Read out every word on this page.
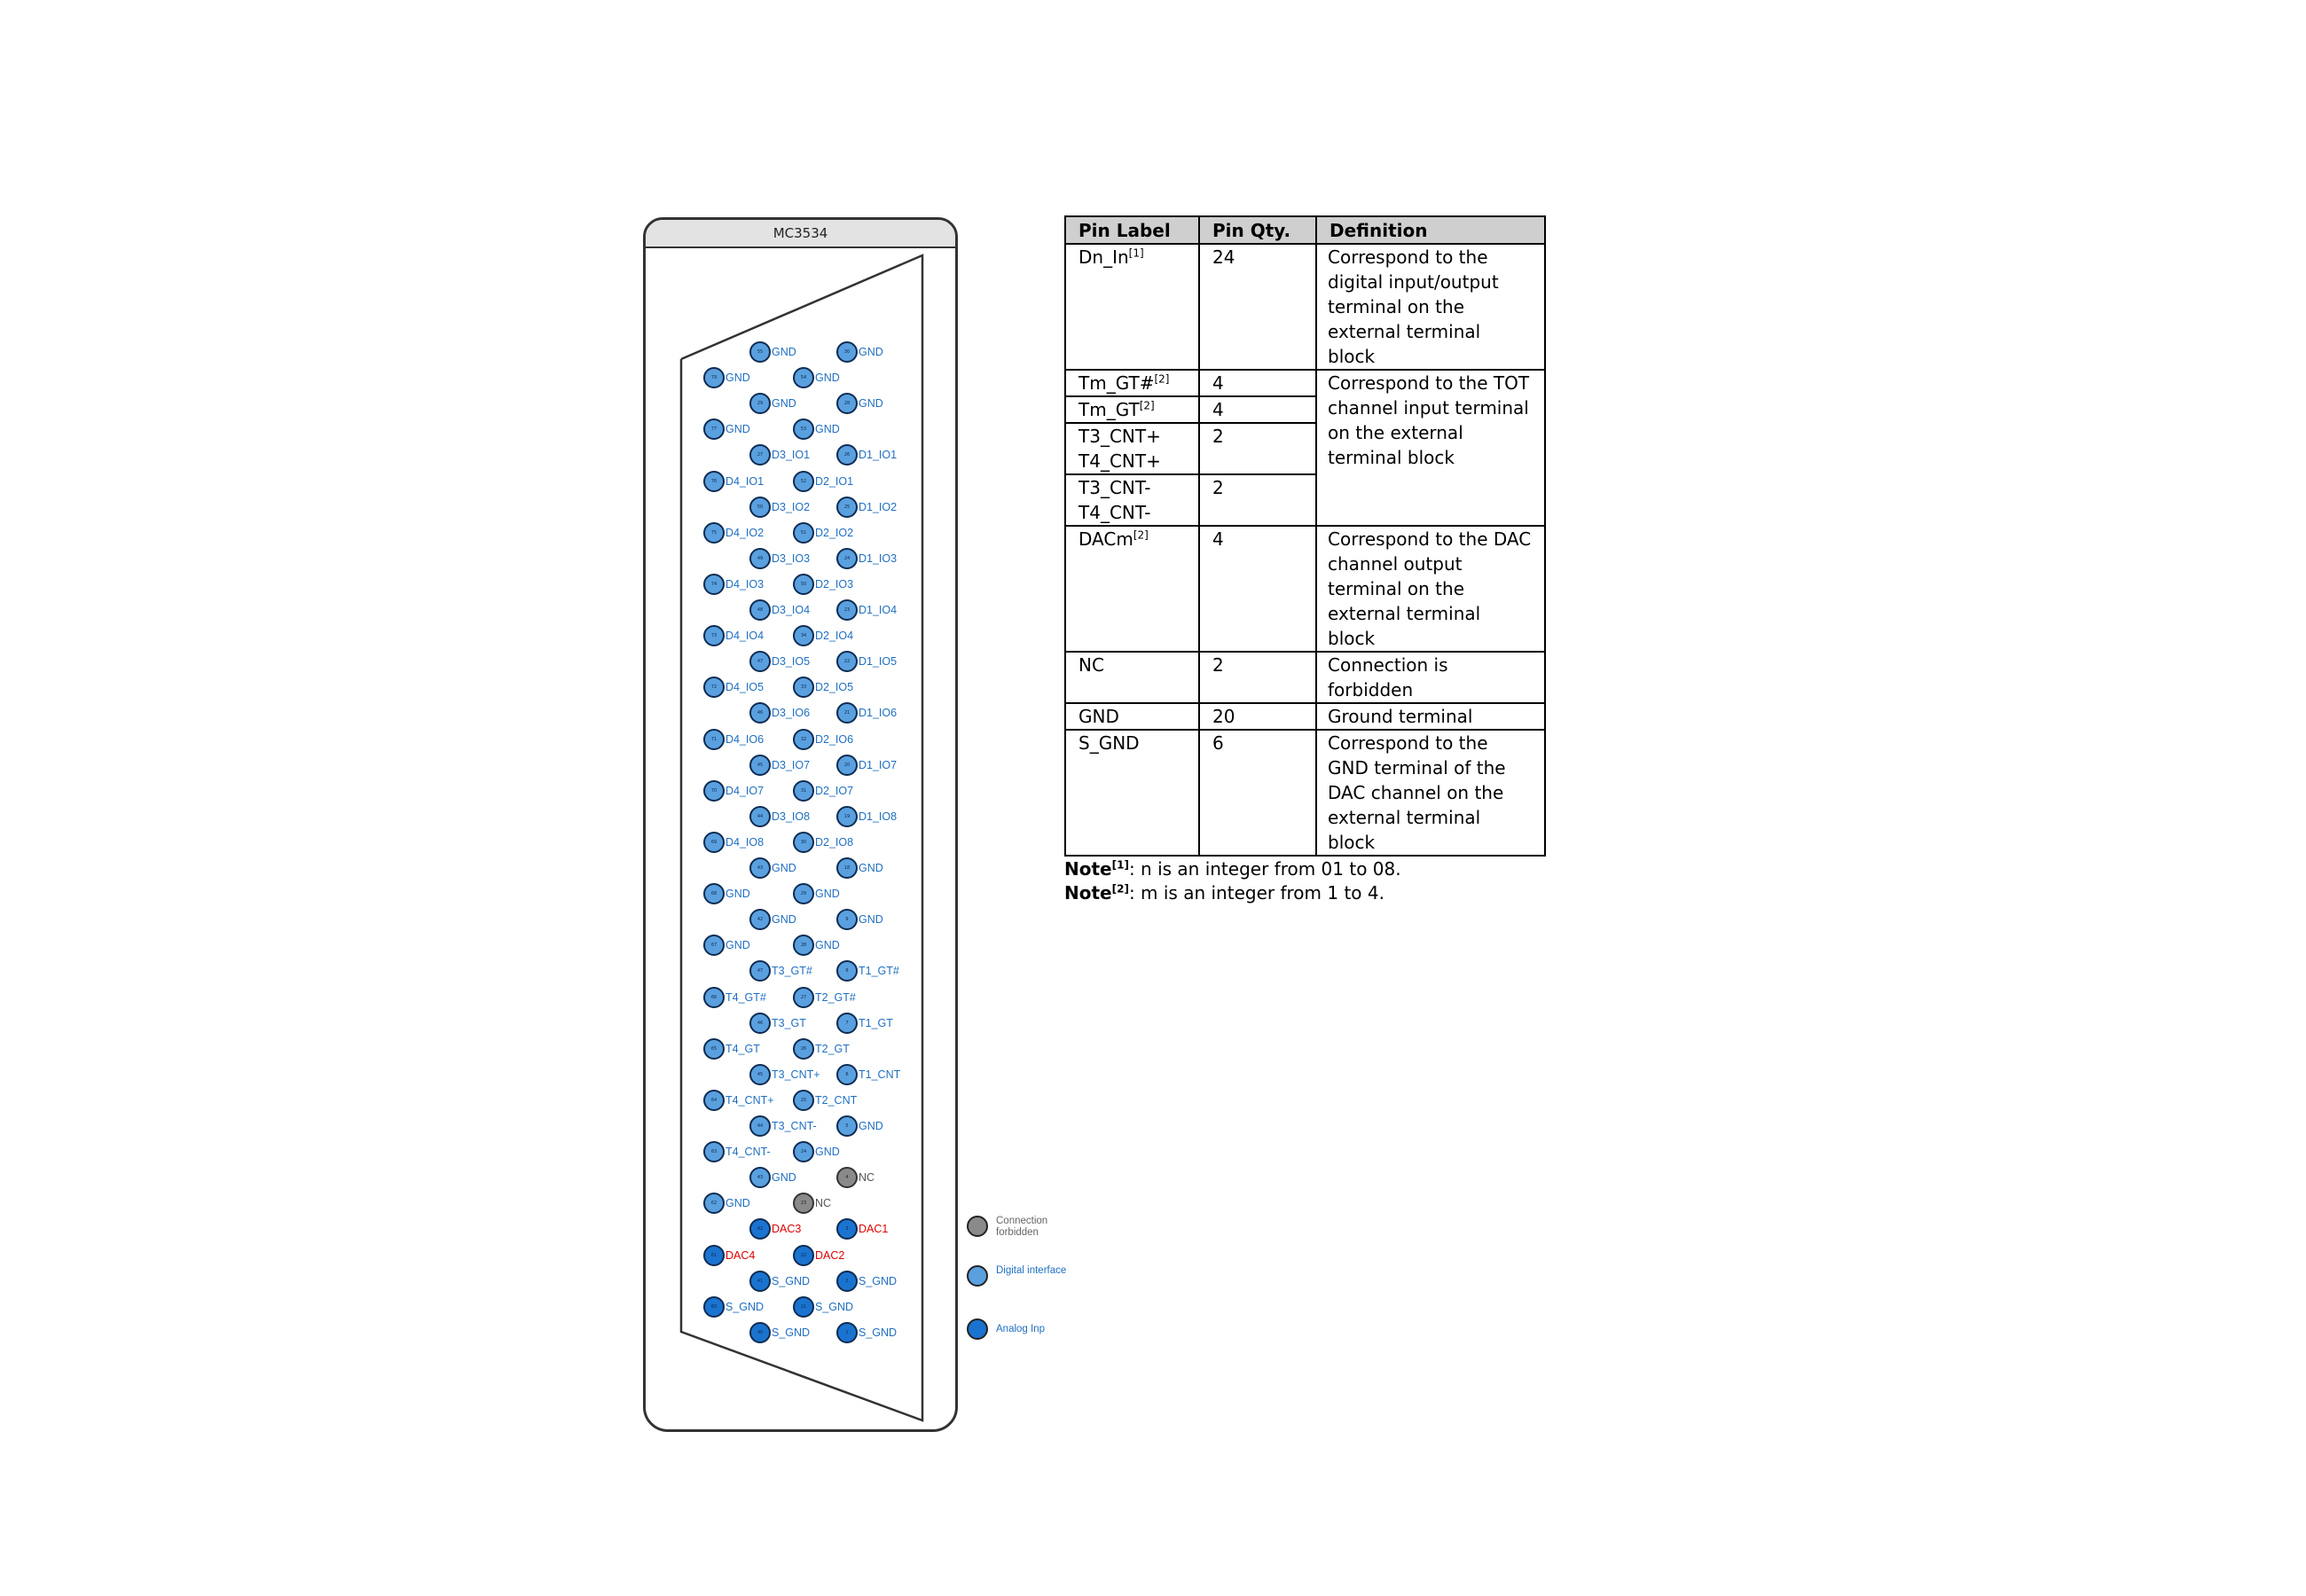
MC3534
55 GND	30 GND
79 GND	54 GND
29 GND	28 GND
77 GND	53 GND
27 D3_IO1	26 D1_IO1
76 D4_IO1	52 D2_IO1
50 D3_IO2	25 D1_IO2
75 D4_IO2	51 D2_IO2
49 D3_IO3	24 D1_IO3
74 D4_IO3	50 D2_IO3
48 D3_IO4	23 D1_IO4
73 D4_IO4	34 D2_IO4
47 D3_IO5	22 D1_IO5
72 D4_IO5	33 D2_IO5
46 D3_IO6	21 D1_IO6
71 D4_IO6	32 D2_IO6
45 D3_IO7	20 D1_IO7
70 D4_IO7	31 D2_IO7
44 D3_IO8	19 D1_IO8
69 D4_IO8	30 D2_IO8
43 GND	18 GND
68 GND	29 GND
42 GND	9 GND
67 GND	28 GND
47 T3_GT#	8 T1_GT#
66 T4_GT#	27 T2_GT#
46 T3_GT	7 T1_GT
65 T4_GT	26 T2_GT
45 T3_CNT+	6 T1_CNT
64 T4_CNT+	25 T2_CNT
44 T3_CNT-	5 GND
63 T4_CNT-	24 GND
43 GND	4 NC
62 GND	23 NC
42 DAC3	3 DAC1
61 DAC4	22 DAC2
41 S_GND	2 S_GND
60 S_GND	21 S_GND
40 S_GND	1 S_GND
Connection forbidden
Digital interface
Analog Inp
Pin Label	Pin Qty.	Definition
Dn_In[1]	24	Correspond to the digital input/output terminal on the external terminal block
Tm_GT#[2]	4	Correspond to the TOT channel input terminal on the external terminal block
Tm_GT[2]	4	
T3_CNT+
T4_CNT+	2	
T3_CNT-
T4_CNT-	2	
DACm[2]	4	Correspond to the DAC channel output terminal on the external terminal block
NC	2	Connection is forbidden
GND	20	Ground terminal
S_GND	6	Correspond to the GND terminal of the DAC channel on the external terminal block
Note[1]: n is an integer from 01 to 08.
Note[2]: m is an integer from 1 to 4.
